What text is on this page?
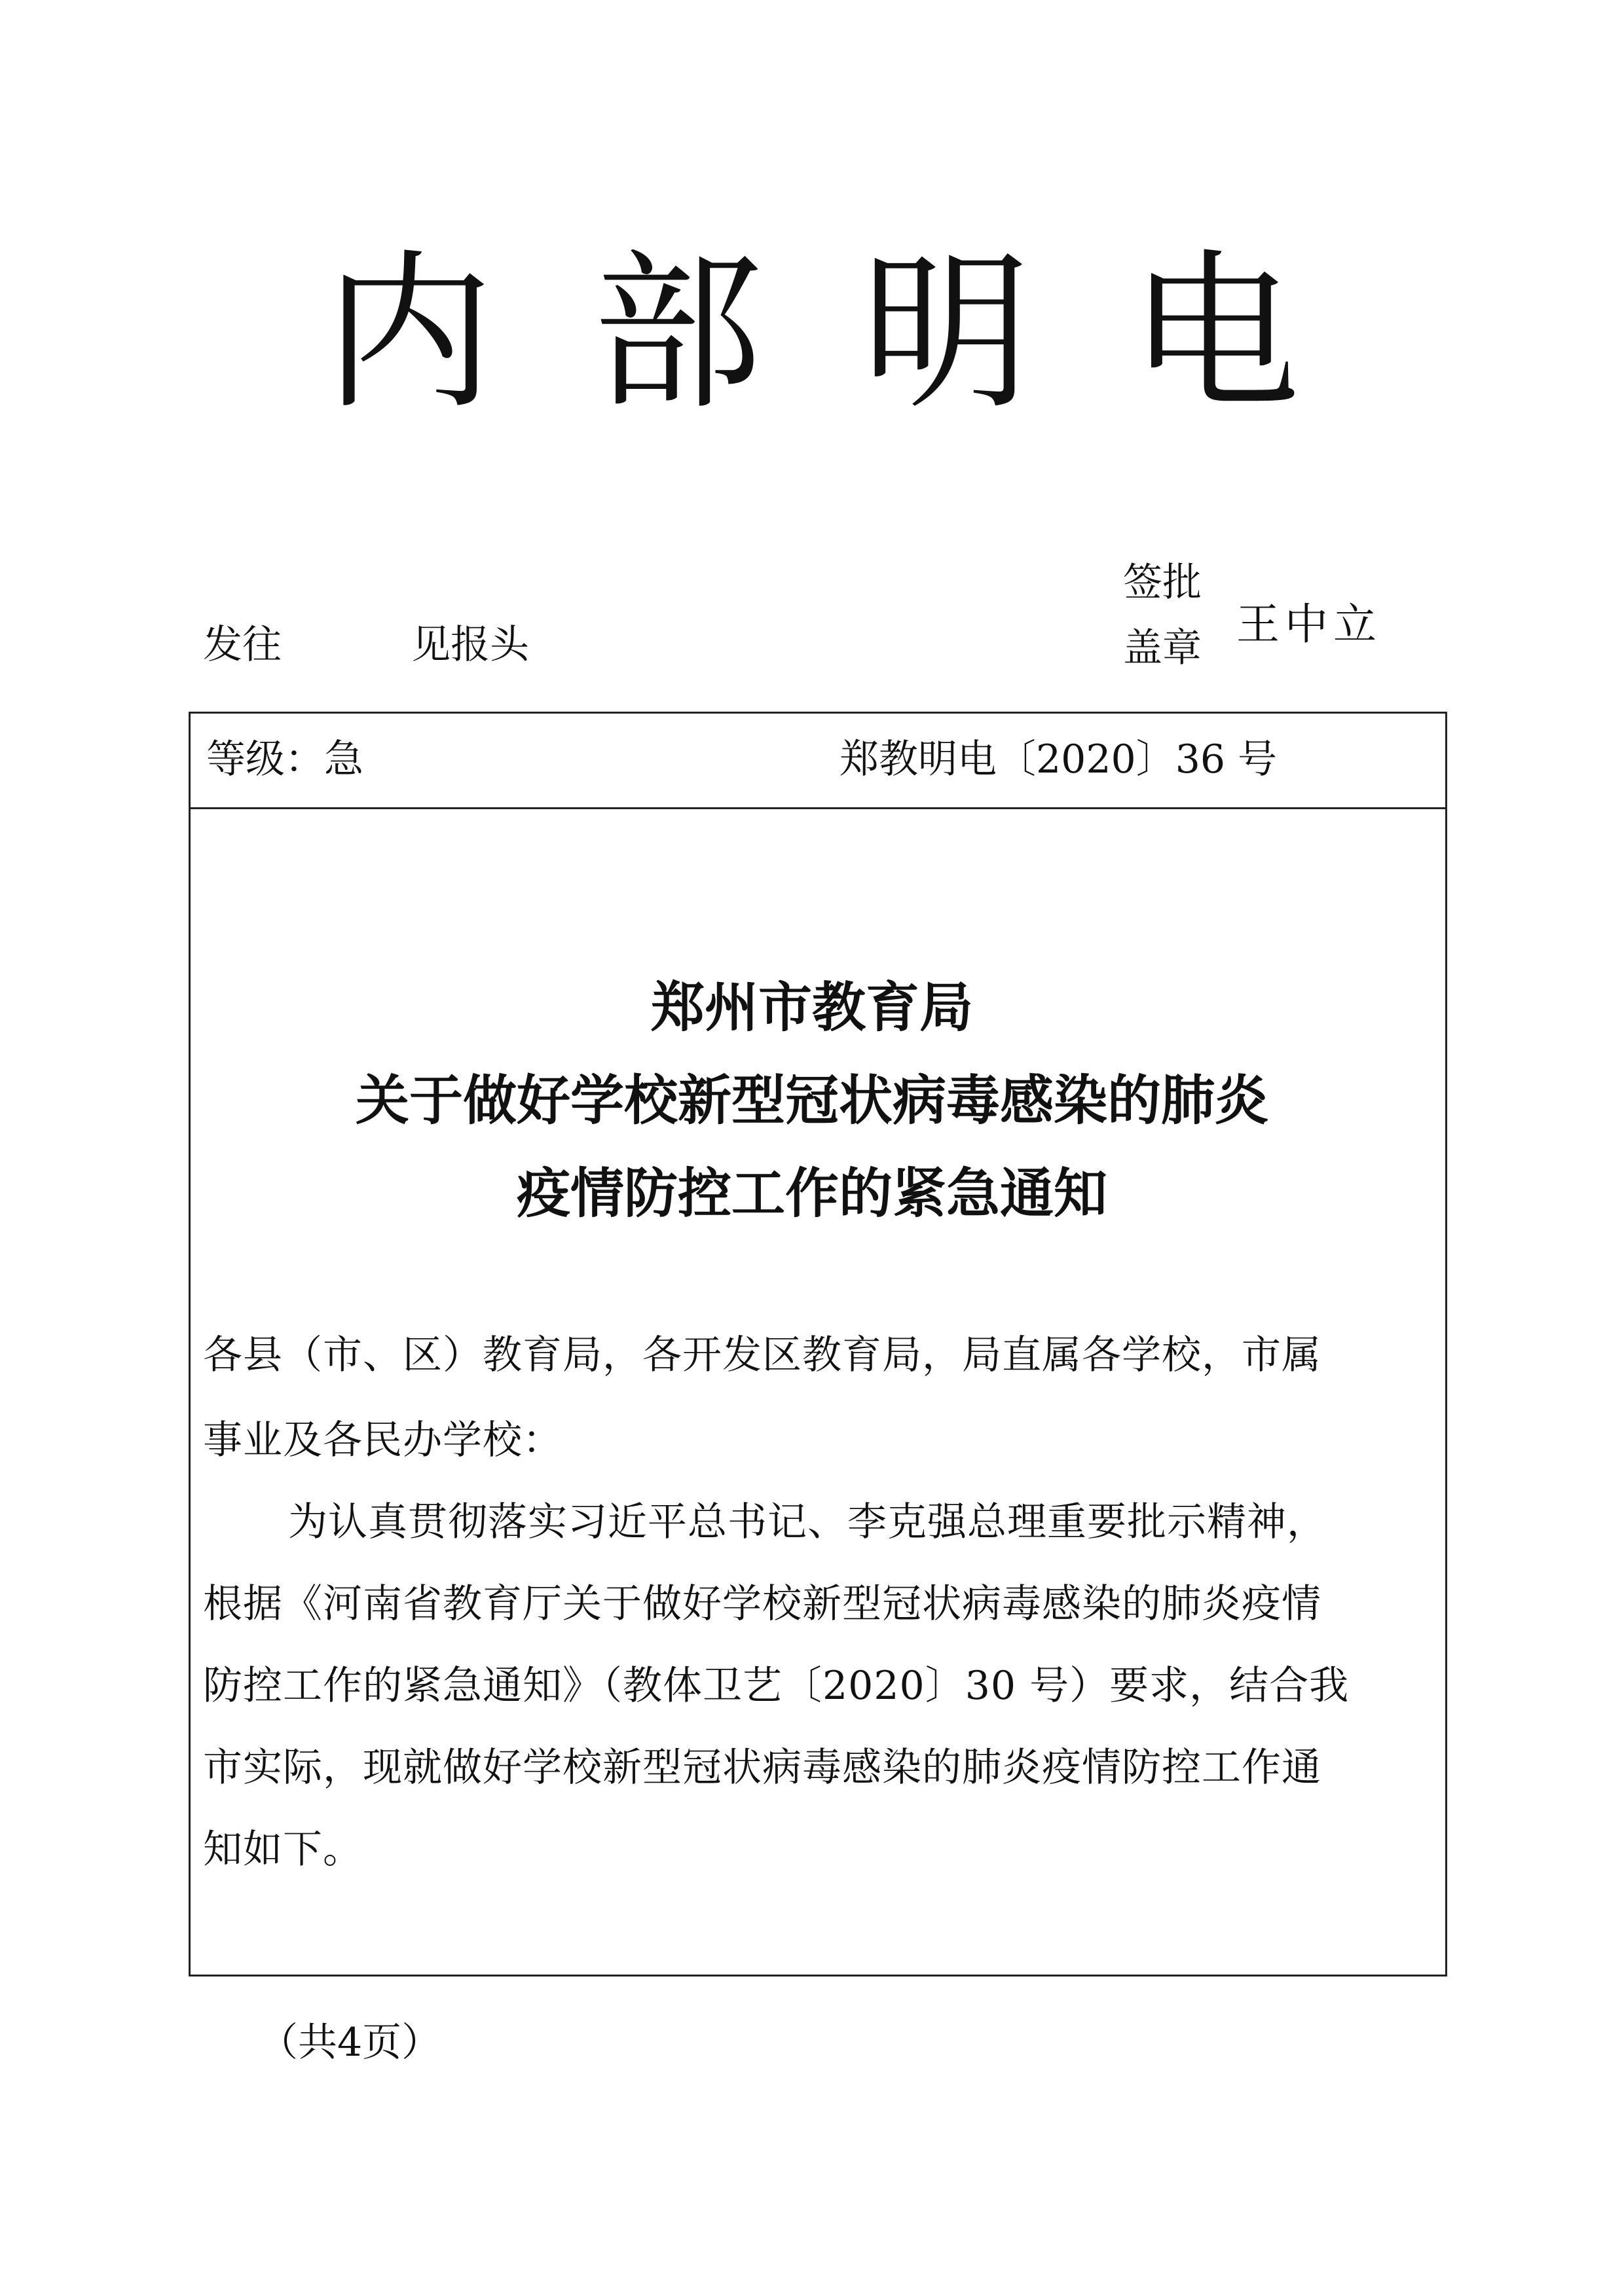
内部明电
发往	见报头
签批
盖章 王中立
等级：急	郑教明电〔2020〕36 号
郑州市教育局
关于做好学校新型冠状病毒感染的肺炎
疫情防控工作的紧急通知
各县（市、区）教育局，各开发区教育局，局直属各学校，市属
事业及各民办学校：
为认真贯彻落实习近平总书记、李克强总理重要批示精神，
根据《河南省教育厅关于做好学校新型冠状病毒感染的肺炎疫情
防控工作的紧急通知》（教体卫艺〔2020〕30 号）要求，结合我
市实际，现就做好学校新型冠状病毒感染的肺炎疫情防控工作通
知如下。
（共4页）
